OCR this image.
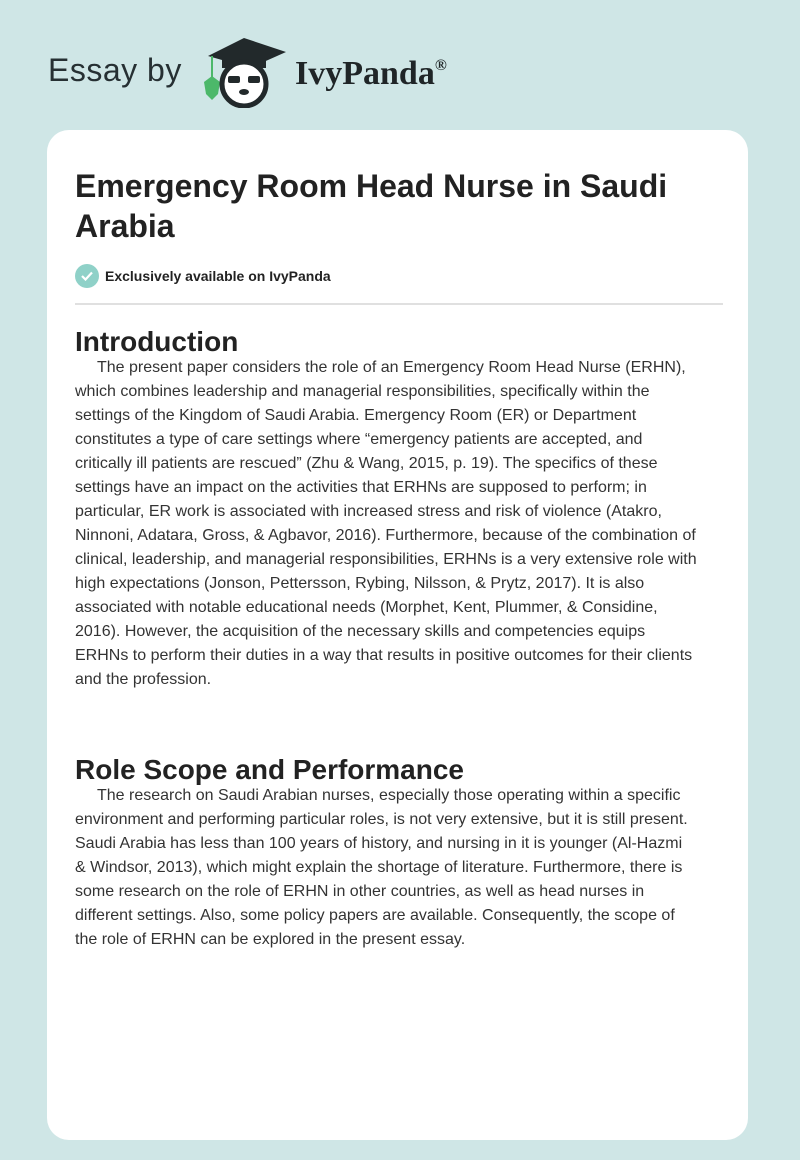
Essay by	IvyPanda®
Emergency Room Head Nurse in Saudi Arabia
Exclusively available on IvyPanda
Introduction
The present paper considers the role of an Emergency Room Head Nurse (ERHN),
which combines leadership and managerial responsibilities, specifically within the
settings of the Kingdom of Saudi Arabia. Emergency Room (ER) or Department
constitutes a type of care settings where “emergency patients are accepted, and
critically ill patients are rescued” (Zhu & Wang, 2015, p. 19). The specifics of these
settings have an impact on the activities that ERHNs are supposed to perform; in
particular, ER work is associated with increased stress and risk of violence (Atakro,
Ninnoni, Adatara, Gross, & Agbavor, 2016). Furthermore, because of the combination of
clinical, leadership, and managerial responsibilities, ERHNs is a very extensive role with
high expectations (Jonson, Pettersson, Rybing, Nilsson, & Prytz, 2017). It is also
associated with notable educational needs (Morphet, Kent, Plummer, & Considine,
2016). However, the acquisition of the necessary skills and competencies equips
ERHNs to perform their duties in a way that results in positive outcomes for their clients
and the profession.
Role Scope and Performance
The research on Saudi Arabian nurses, especially those operating within a specific
environment and performing particular roles, is not very extensive, but it is still present.
Saudi Arabia has less than 100 years of history, and nursing in it is younger (Al-Hazmi
& Windsor, 2013), which might explain the shortage of literature. Furthermore, there is
some research on the role of ERHN in other countries, as well as head nurses in
different settings. Also, some policy papers are available. Consequently, the scope of
the role of ERHN can be explored in the present essay.
